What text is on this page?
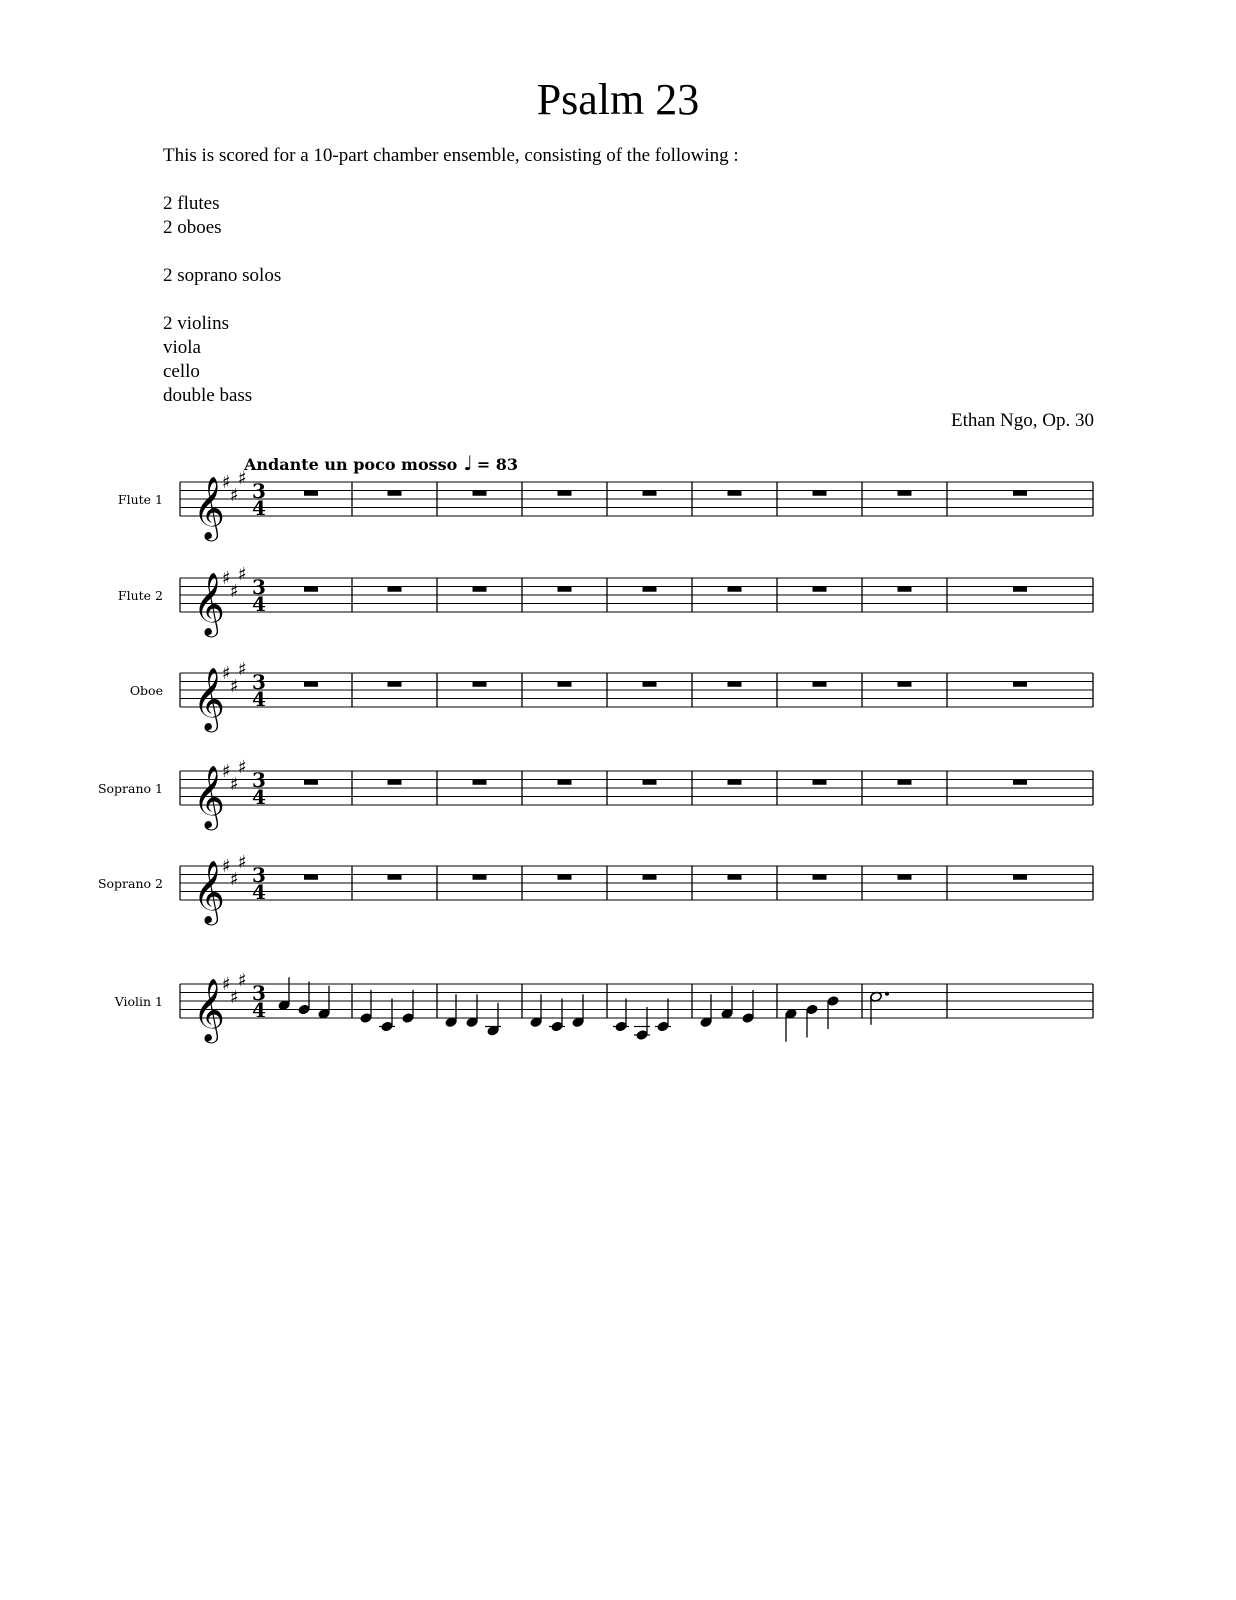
Psalm 23

This is scored for a 10-part chamber ensemble, consisting of the following :

2 flutes

2 oboes

2 soprano solos

2 violins

viola

cello

double bass

Ethan Ngo, Op. 30
Andante un poco mosso ♩ = 83
Flute 1 𝄞
♯
♯
♯
3
4
Flute 2 𝄞
♯
♯
♯
3
4
Oboe 𝄞
♯
♯
♯
3
4
Soprano 1 𝄞
♯
♯
♯
3
4
Soprano 2 𝄞
♯
♯
♯
3
4
Violin 1 𝄞
♯
♯
♯
3
4
